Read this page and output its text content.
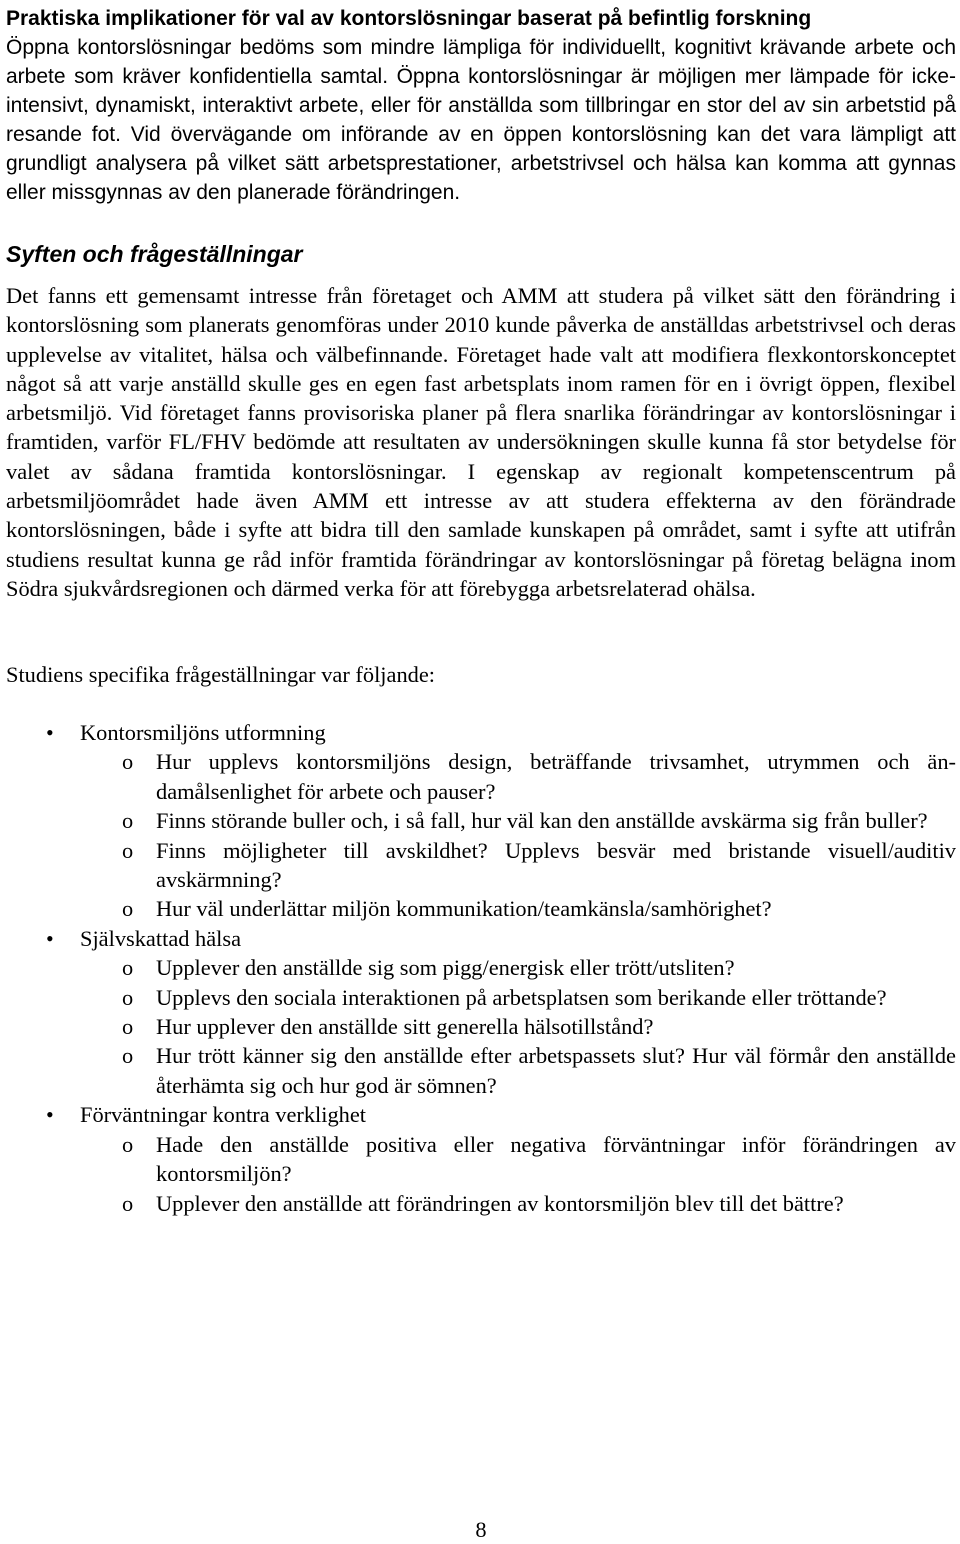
Praktiska implikationer för val av kontorslösningar baserat på befintlig forskning
Öppna kontorslösningar bedöms som mindre lämpliga för individuellt, kognitivt krävande arbete och arbete som kräver konfidentiella samtal. Öppna kontorslösningar är möjligen mer lämpade för icke-intensivt, dynamiskt, interaktivt arbete, eller för anställda som tillbringar en stor del av sin arbetstid på resande fot. Vid övervägande om införande av en öppen kontorslösning kan det vara lämpligt att grundligt analysera på vilket sätt arbetsprestationer, arbetstrivsel och hälsa kan komma att gynnas eller missgynnas av den planerade förändringen.
Syften och frågeställningar
Det fanns ett gemensamt intresse från företaget och AMM att studera på vilket sätt den förändring i kontorslösning som planerats genomföras under 2010 kunde påverka de anställdas arbetstrivsel och deras upplevelse av vitalitet, hälsa och välbefinnande. Företaget hade valt att modifiera flexkontorskonceptet något så att varje anställd skulle ges en egen fast arbetsplats inom ramen för en i övrigt öppen, flexibel arbetsmiljö. Vid företaget fanns provisoriska planer på flera snarlika förändringar av kontorslösningar i framtiden, varför FL/FHV bedömde att resultaten av undersökningen skulle kunna få stor betydelse för valet av sådana framtida kontorslösningar. I egenskap av regionalt kompetenscentrum på arbetsmiljöområdet hade även AMM ett intresse av att studera effekterna av den förändrade kontorslösningen, både i syfte att bidra till den samlade kunskapen på området, samt i syfte att utifrån studiens resultat kunna ge råd inför framtida förändringar av kontorslösningar på företag belägna inom Södra sjukvårdsregionen och därmed verka för att förebygga arbetsrelaterad ohälsa.
Studiens specifika frågeställningar var följande:
• Kontorsmiljöns utformning
o Hur upplevs kontorsmiljöns design, beträffande trivsamhet, utrymmen och ändamålsenlighet för arbete och pauser?
o Finns störande buller och, i så fall, hur väl kan den anställde avskärma sig från buller?
o Finns möjligheter till avskildhet? Upplevs besvär med bristande visuell/auditiv avskärmning?
o Hur väl underlättar miljön kommunikation/teamkänsla/samhörighet?
• Självskattad hälsa
o Upplever den anställde sig som pigg/energisk eller trött/utsliten?
o Upplevs den sociala interaktionen på arbetsplatsen som berikande eller tröttande?
o Hur upplever den anställde sitt generella hälsotillstånd?
o Hur trött känner sig den anställde efter arbetspassets slut? Hur väl förmår den anställde återhämta sig och hur god är sömnen?
• Förväntningar kontra verklighet
o Hade den anställde positiva eller negativa förväntningar inför förändringen av kontorsmiljön?
o Upplever den anställde att förändringen av kontorsmiljön blev till det bättre?
8
